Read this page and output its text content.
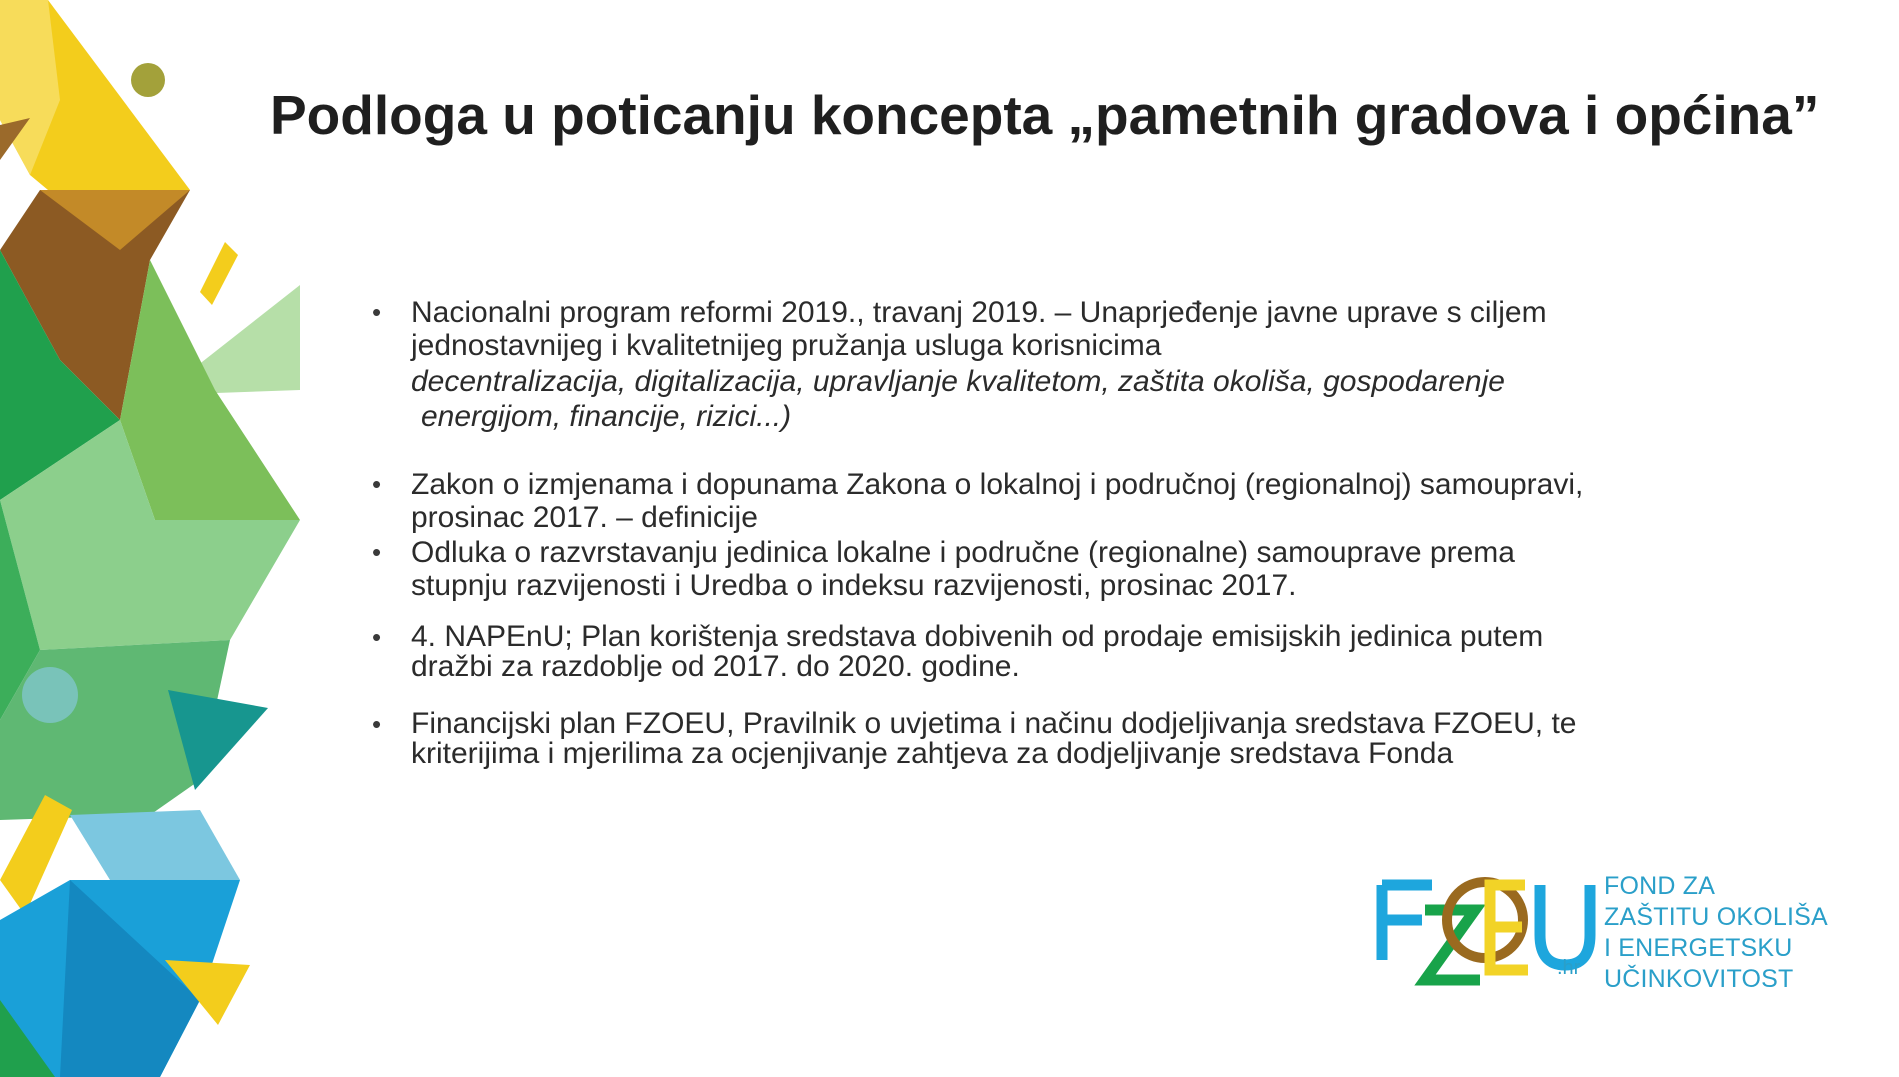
Podloga u poticanju koncepta „pametnih gradova i općina”
• Nacionalni program reformi 2019., travanj 2019. – Unaprjeđenje javne uprave s ciljem
jednostavnijeg i kvalitetnijeg pružanja usluga korisnicima
decentralizacija, digitalizacija, upravljanje kvalitetom, zaštita okoliša, gospodarenje
energijom, financije, rizici...)
• Zakon o izmjenama i dopunama Zakona o lokalnoj i područnoj (regionalnoj) samoupravi,
prosinac 2017. – definicije
• Odluka o razvrstavanju jedinica lokalne i područne (regionalne) samouprave prema
stupnju razvijenosti i Uredba o indeksu razvijenosti, prosinac 2017.
• 4. NAPEnU; Plan korištenja sredstava dobivenih od prodaje emisijskih jedinica putem
dražbi za razdoblje od 2017. do 2020. godine.
• Financijski plan FZOEU, Pravilnik o uvjetima i načinu dodjeljivanja sredstava FZOEU, te
kriterijima i mjerilima za ocjenjivanje zahtjeva za dodjeljivanje sredstava Fonda
.hr
FOND ZA
ZAŠTITU OKOLIŠA
I ENERGETSKU
UČINKOVITOST
